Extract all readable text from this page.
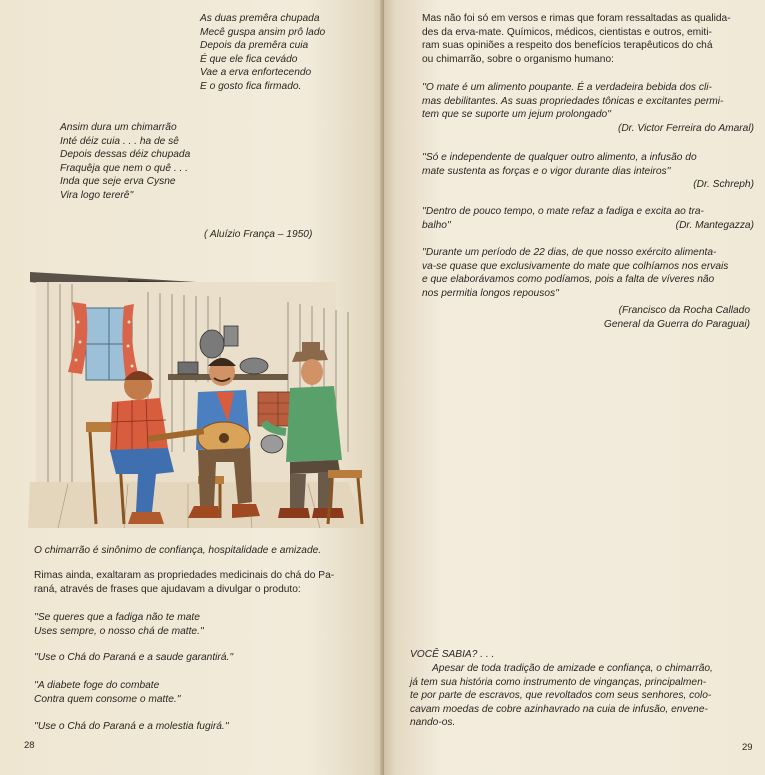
As duas premêra chupada
Mecê guspa ansim prô lado
Depois da premêra cuia
É que ele fica cevádo
Vae a erva enfortecendo
E o gosto fica firmado.
Ansim dura um chimarrão
Inté déiz cuia . . . ha de sê
Depois dessas déiz chupada
Fraquêja que nem o quê . . .
Inda que seje erva Cysne
Vira logo tererê''
( Aluízio França – 1950)
O chimarrão é sinônimo de confiança, hospitalidade e amizade.
Rimas ainda, exaltaram as propriedades medicinais do chá do Pa-
raná, através de frases que ajudavam a divulgar o produto:
''Se queres que a fadiga não te mate
Uses sempre, o nosso chá de matte.''
''Use o Chá do Paraná e a saude garantirá.''
''A diabete foge do combate
Contra quem consome o matte.''
''Use o Chá do Paraná e a molestia fugirá.''
28
Mas não foi só em versos e rimas que foram ressaltadas as qualida-
des da erva-mate. Químicos, médicos, cientistas e outros, emiti-
ram suas opiniões a respeito dos benefícios terapêuticos do chá
ou chimarrão, sobre o organismo humano:
''O mate é um alimento poupante. É a verdadeira bebida dos cli-
mas debilitantes. As suas propriedades tônicas e excitantes permi-
tem que se suporte um jejum prolongado''
(Dr. Victor Ferreira do Amaral)
''Só e independente de qualquer outro alimento, a infusão do
mate sustenta as forças e o vigor durante dias inteiros''
(Dr. Schreph)
''Dentro de pouco tempo, o mate refaz a fadiga e excita ao tra-
balho''	(Dr. Mantegazza)
''Durante um período de 22 dias, de que nosso exército alimenta-
va-se quase que exclusivamente do mate que colhíamos nos ervais
e que elaborávamos como podíamos, pois a falta de víveres não
nos permitia longos repousos''
(Francisco da Rocha Callado
General da Guerra do Paraguai)
VOCÊ SABIA? . . .
Apesar de toda tradição de amizade e confiança, o chimarrão,
já tem sua história como instrumento de vinganças, principalmen-
te por parte de escravos, que revoltados com seus senhores, colo-
cavam moedas de cobre azinhavrado na cuia de infusão, envene-
nando-os.
29
